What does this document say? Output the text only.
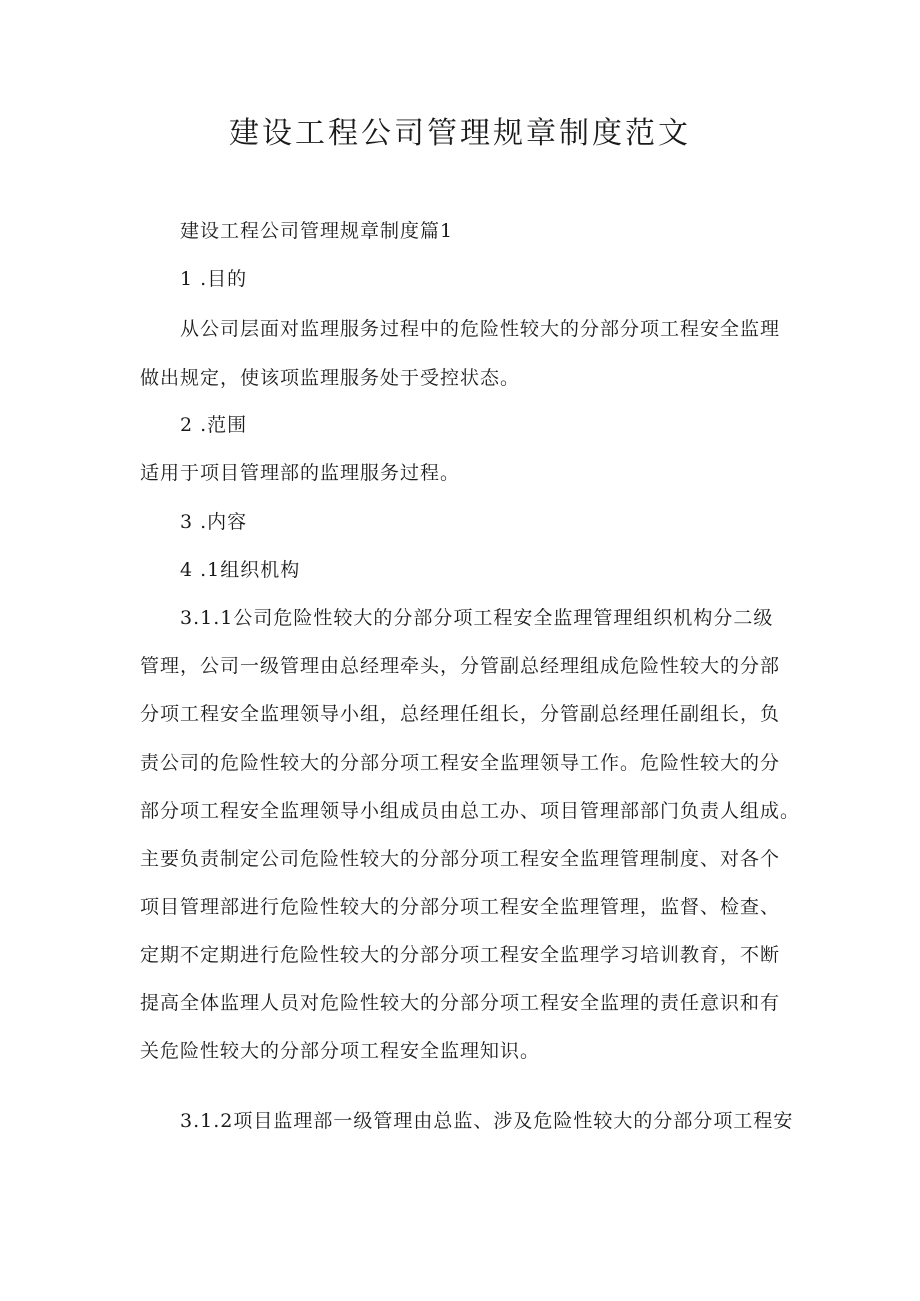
建设工程公司管理规章制度范文

建设工程公司管理规章制度篇1

1 .目的

从公司层面对监理服务过程中的危险性较大的分部分项工程安全监理

做出规定，使该项监理服务处于受控状态。

2 .范围

适用于项目管理部的监理服务过程。

3 .内容

4 .1组织机构

3.1.1公司危险性较大的分部分项工程安全监理管理组织机构分二级

管理，公司一级管理由总经理牵头，分管副总经理组成危险性较大的分部

分项工程安全监理领导小组，总经理任组长，分管副总经理任副组长，负

责公司的危险性较大的分部分项工程安全监理领导工作。危险性较大的分

部分项工程安全监理领导小组成员由总工办、项目管理部部门负责人组成。

主要负责制定公司危险性较大的分部分项工程安全监理管理制度、对各个

项目管理部进行危险性较大的分部分项工程安全监理管理，监督、检查、

定期不定期进行危险性较大的分部分项工程安全监理学习培训教育，不断

提高全体监理人员对危险性较大的分部分项工程安全监理的责任意识和有

关危险性较大的分部分项工程安全监理知识。

3.1.2项目监理部一级管理由总监、涉及危险性较大的分部分项工程安
